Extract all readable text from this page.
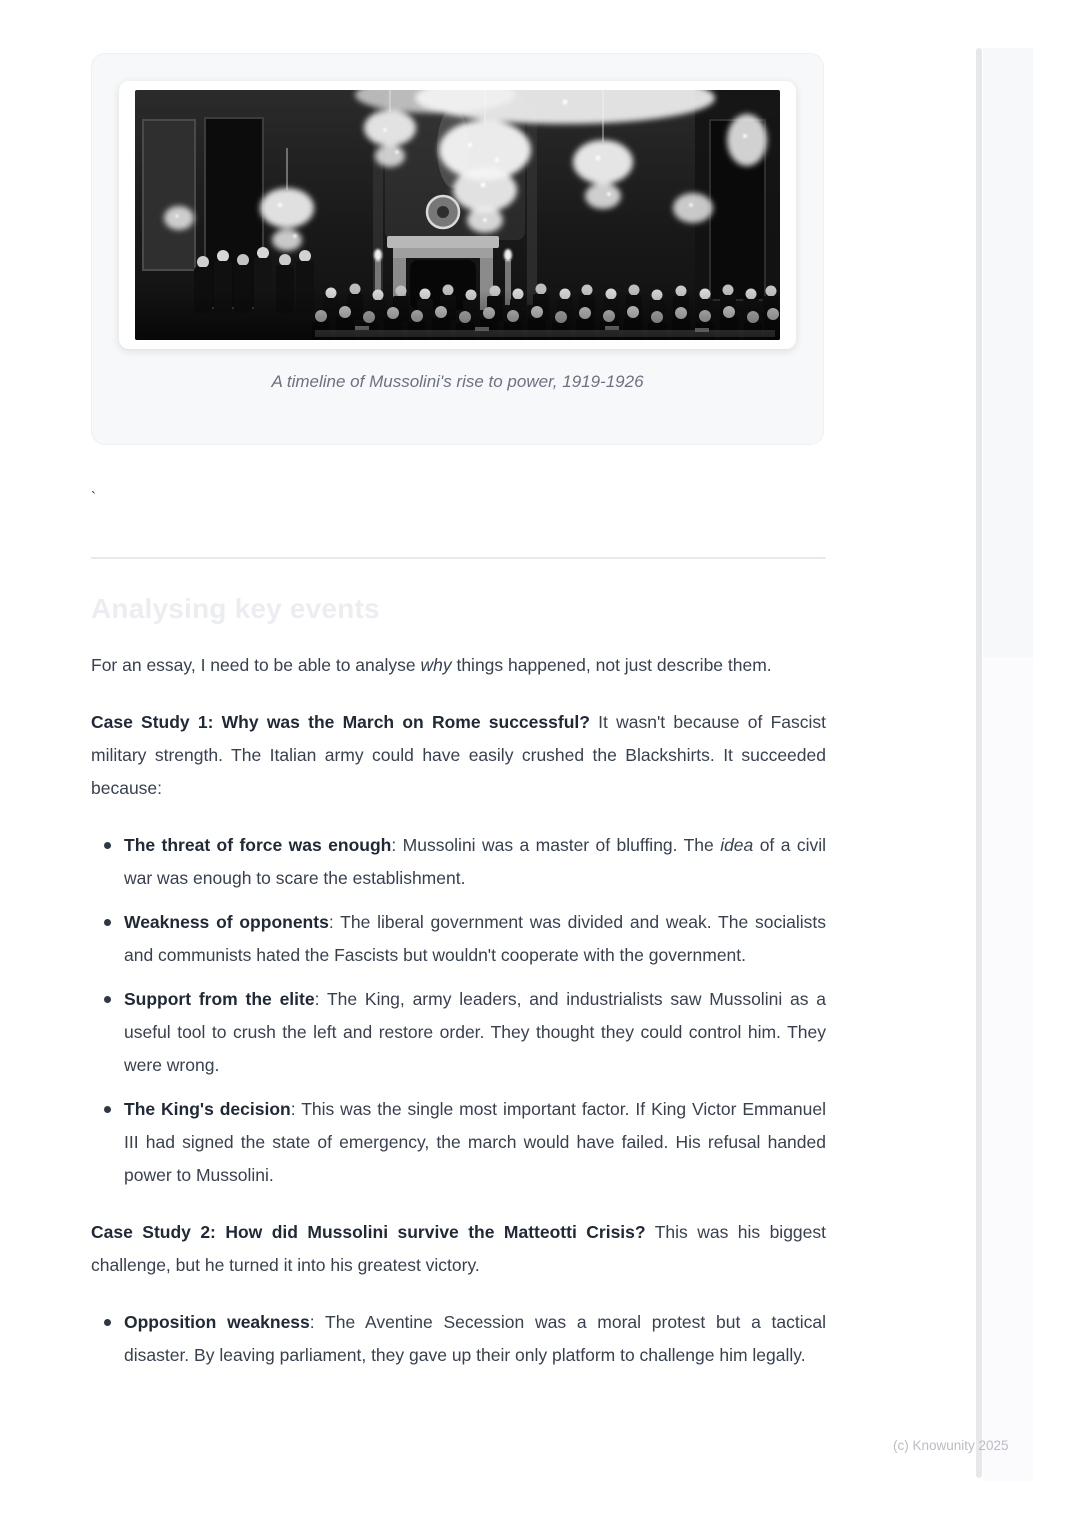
A timeline of Mussolini's rise to power, 1919-1926
`
Analysing key events

For an essay, I need to be able to analyse why things happened, not just describe them.

Case Study 1: Why was the March on Rome successful? It wasn't because of Fascist military strength. The Italian army could have easily crushed the Blackshirts. It succeeded because:

The threat of force was enough: Mussolini was a master of bluffing. The idea of a civil war was enough to scare the establishment.
Weakness of opponents: The liberal government was divided and weak. The socialists and communists hated the Fascists but wouldn't cooperate with the government.
Support from the elite: The King, army leaders, and industrialists saw Mussolini as a useful tool to crush the left and restore order. They thought they could control him. They were wrong.
The King's decision: This was the single most important factor. If King Victor Emmanuel III had signed the state of emergency, the march would have failed. His refusal handed power to Mussolini.

Case Study 2: How did Mussolini survive the Matteotti Crisis? This was his biggest challenge, but he turned it into his greatest victory.

Opposition weakness: The Aventine Secession was a moral protest but a tactical disaster. By leaving parliament, they gave up their only platform to challenge him legally.
(c) Knowunity 2025
